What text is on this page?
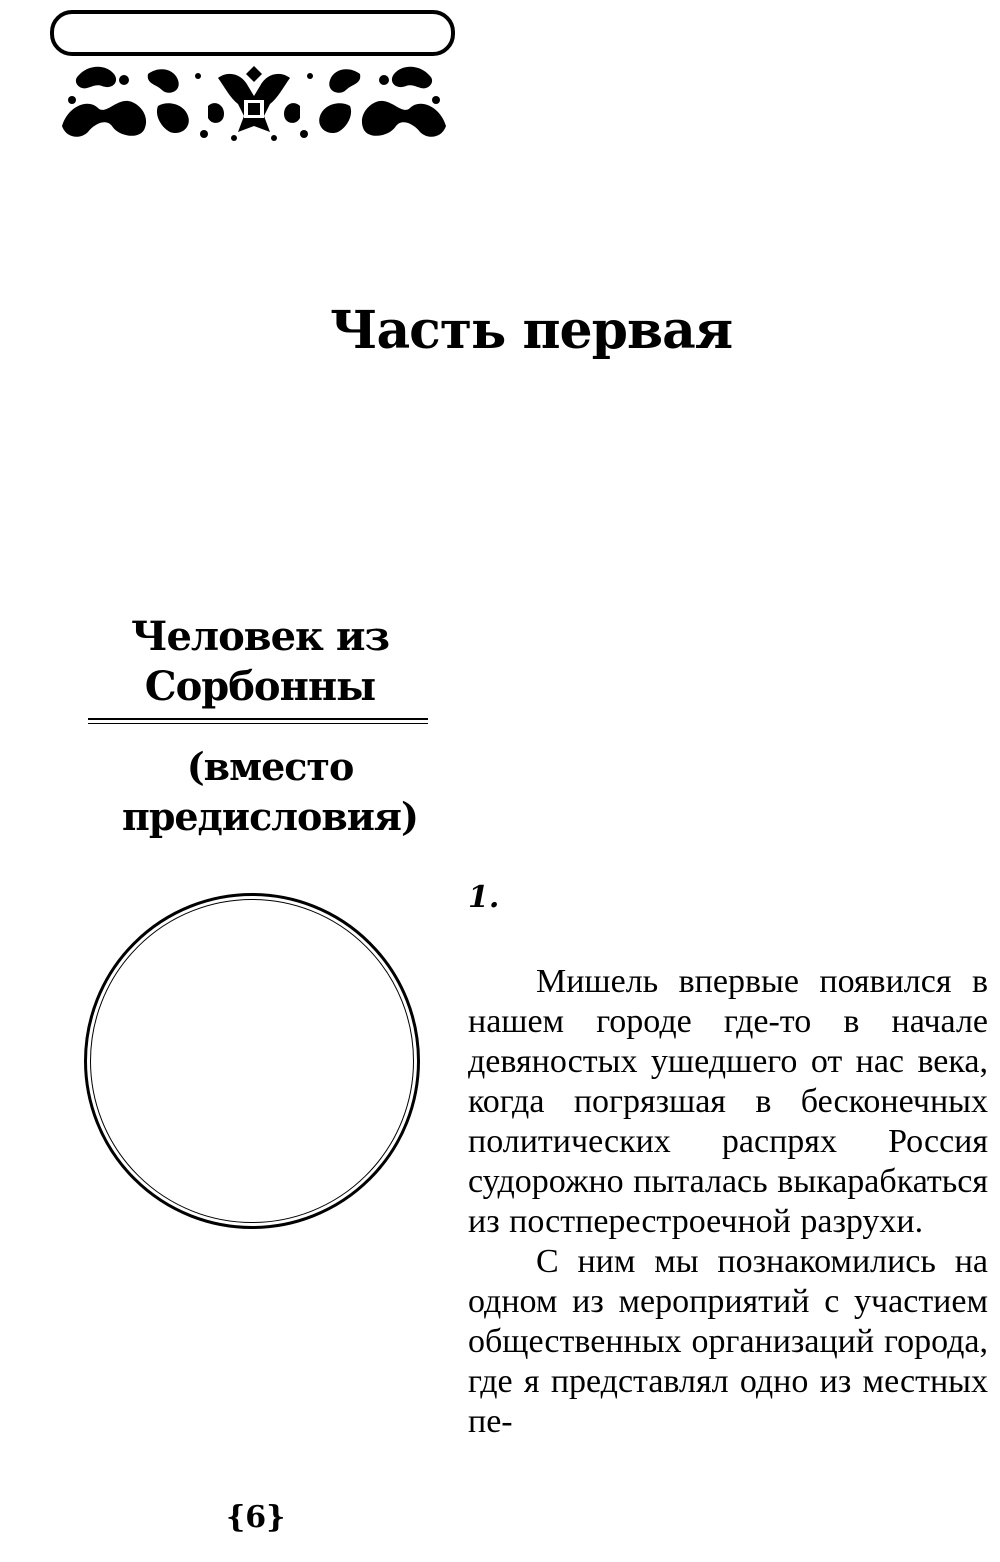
Часть первая
Человек из Сорбонны
(вместо предисловия)
1.

Мишель впервые появился в нашем городе где-то в начале девяностых ушедшего от нас века, когда погрязшая в бесконечных политических распрях Россия судорожно пыталась выкарабкаться из постперестроечной разрухи.

С ним мы познакомились на одном из мероприятий с участием общественных организаций города, где я представлял одно из местных пе-

{6}
